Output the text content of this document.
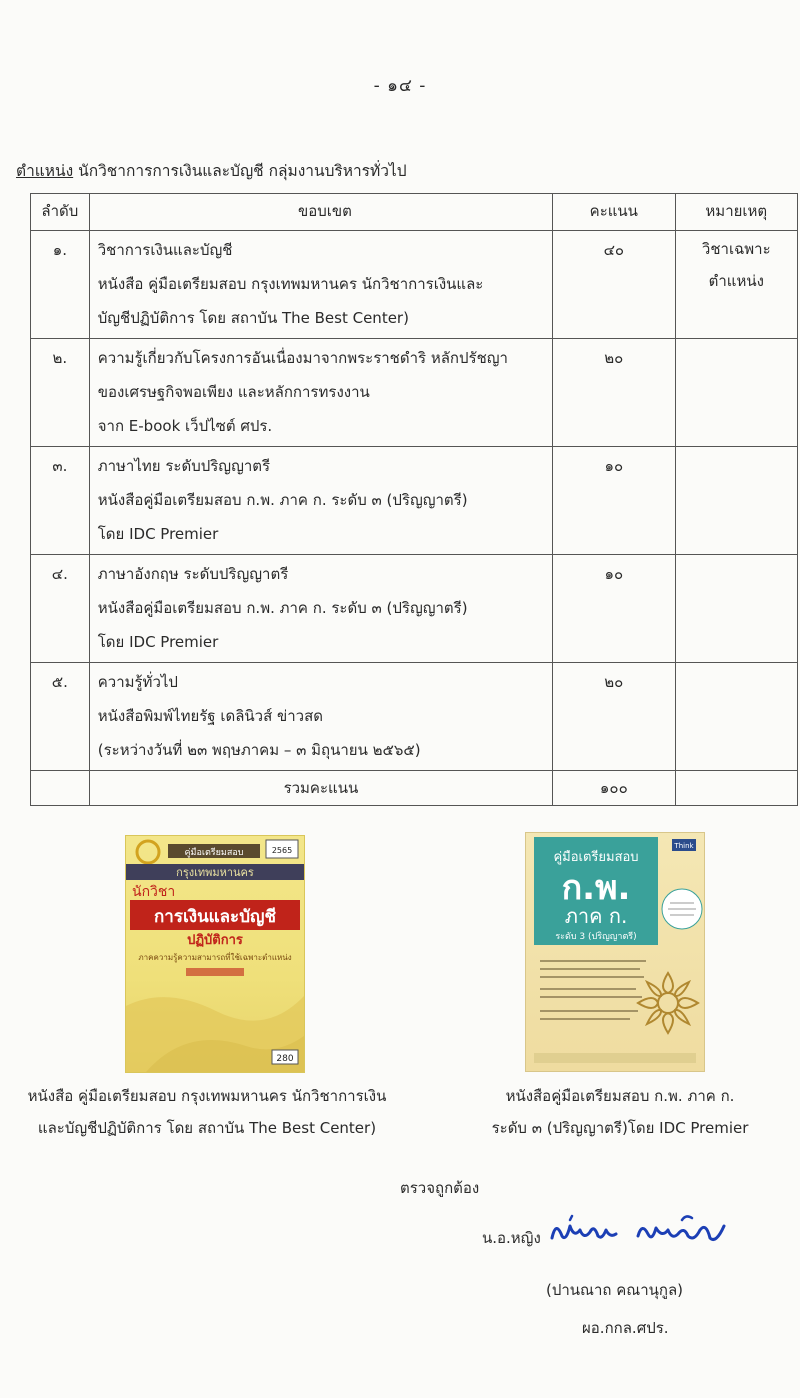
- ๑๔ -
ตำแหน่ง นักวิชาการการเงินและบัญชี กลุ่มงานบริหารทั่วไป
ลำดับ	ขอบเขต	คะแนน	หมายเหตุ
๑.	วิชาการเงินและบัญชี
หนังสือ คู่มือเตรียมสอบ กรุงเทพมหานคร นักวิชาการเงินและ
บัญชีปฏิบัติการ โดย สถาบัน The Best Center)	๔๐	วิชาเฉพาะ
ตำแหน่ง

๒.	ความรู้เกี่ยวกับโครงการอันเนื่องมาจากพระราชดำริ หลักปรัชญา
ของเศรษฐกิจพอเพียง และหลักการทรงงาน
จาก E-book เว็ปไซต์ ศปร.	๒๐	
๓.	ภาษาไทย ระดับปริญญาตรี
หนังสือคู่มือเตรียมสอบ ก.พ. ภาค ก. ระดับ ๓ (ปริญญาตรี)
โดย IDC Premier	๑๐	
๔.	ภาษาอังกฤษ ระดับปริญญาตรี
หนังสือคู่มือเตรียมสอบ ก.พ. ภาค ก. ระดับ ๓ (ปริญญาตรี)
โดย IDC Premier	๑๐	
๕.	ความรู้ทั่วไป
หนังสือพิมพ์ไทยรัฐ เดลินิวส์ ข่าวสด
(ระหว่างวันที่ ๒๓ พฤษภาคม – ๓ มิถุนายน ๒๕๖๕)	๒๐	
	รวมคะแนน	๑๐๐	
คู่มือเตรียมสอบ	2565
กรุงเทพมหานคร
นักวิชา
การเงินและบัญชี
ปฏิบัติการ
ภาคความรู้ความสามารถที่ใช้เฉพาะตำแหน่ง
280
คู่มือเตรียมสอบ
ก.พ.
ภาค ก.
ระดับ 3 (ปริญญาตรี)
Think
หนังสือ คู่มือเตรียมสอบ กรุงเทพมหานคร นักวิชาการเงิน
และบัญชีปฏิบัติการ โดย สถาบัน The Best Center)
หนังสือคู่มือเตรียมสอบ ก.พ. ภาค ก.
ระดับ ๓ (ปริญญาตรี)โดย IDC Premier
ตรวจถูกต้อง
น.อ.หญิง
(ปานณาถ คณานุกูล)
ผอ.กกล.ศปร.
